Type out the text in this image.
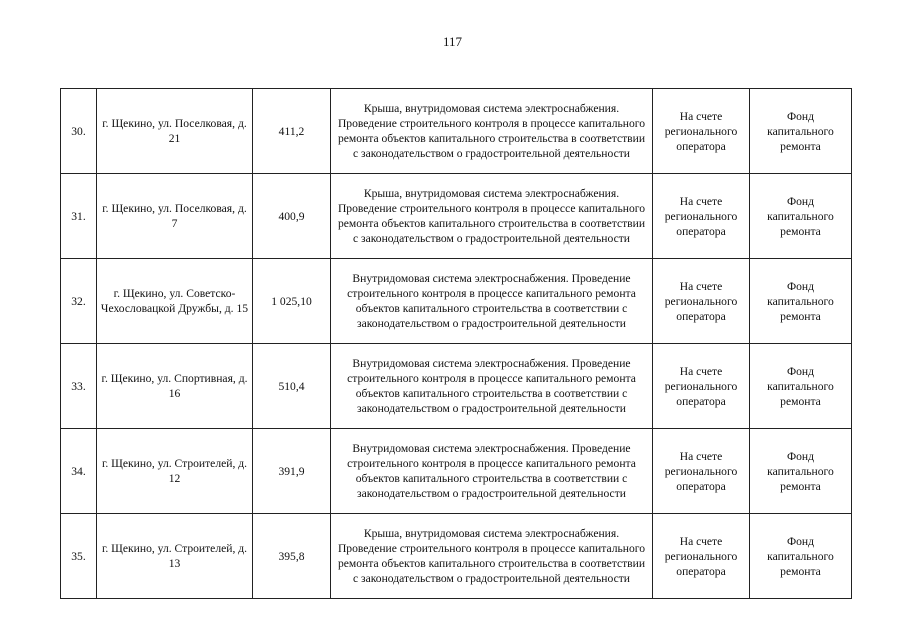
117
30.	г. Щекино, ул. Поселковая, д. 21	411,2	Крыша, внутридомовая система электроснабжения. Проведение строительного контроля в процессе капитального ремонта объектов капитального строительства в соответствии с законодательством о градостроительной деятельности	На счете регионального оператора	Фонд капитального ремонта
31.	г. Щекино, ул. Поселковая, д. 7	400,9	Крыша, внутридомовая система электроснабжения. Проведение строительного контроля в процессе капитального ремонта объектов капитального строительства в соответствии с законодательством о градостроительной деятельности	На счете регионального оператора	Фонд капитального ремонта
32.	г. Щекино, ул. Советско-Чехословацкой Дружбы, д. 15	1 025,10	Внутридомовая система электроснабжения. Проведение строительного контроля в процессе капитального ремонта объектов капитального строительства в соответствии с законодательством о градостроительной деятельности	На счете регионального оператора	Фонд капитального ремонта
33.	г. Щекино, ул. Спортивная, д. 16	510,4	Внутридомовая система электроснабжения. Проведение строительного контроля в процессе капитального ремонта объектов капитального строительства в соответствии с законодательством о градостроительной деятельности	На счете регионального оператора	Фонд капитального ремонта
34.	г. Щекино, ул. Строителей, д. 12	391,9	Внутридомовая система электроснабжения. Проведение строительного контроля в процессе капитального ремонта объектов капитального строительства в соответствии с законодательством о градостроительной деятельности	На счете регионального оператора	Фонд капитального ремонта
35.	г. Щекино, ул. Строителей, д. 13	395,8	Крыша, внутридомовая система электроснабжения. Проведение строительного контроля в процессе капитального ремонта объектов капитального строительства в соответствии с законодательством о градостроительной деятельности	На счете регионального оператора	Фонд капитального ремонта
